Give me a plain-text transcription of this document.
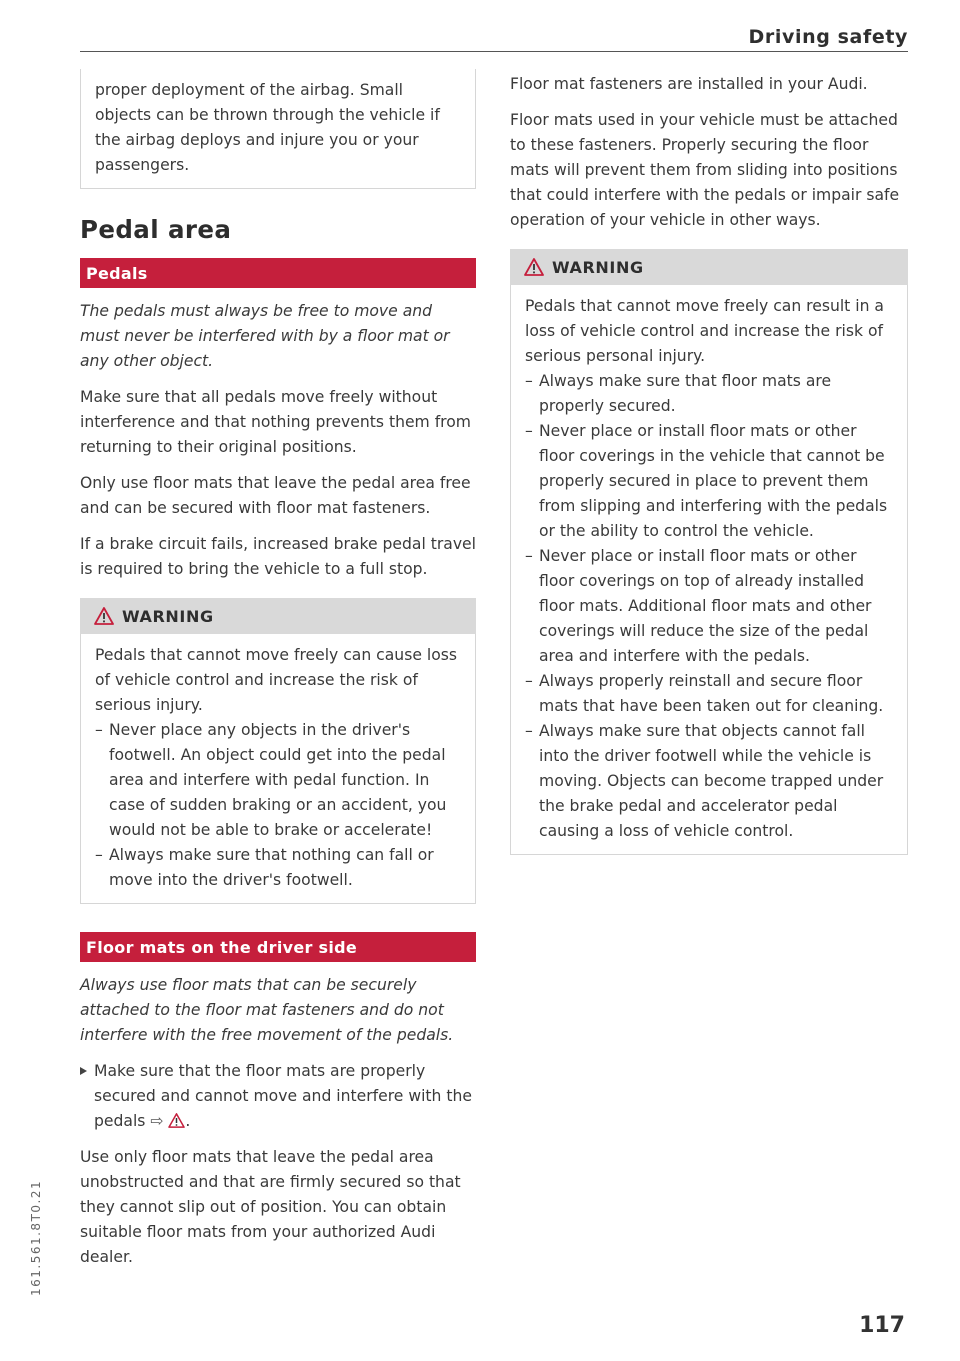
Driving safety

proper deployment of the airbag. Small objects can be thrown through the vehicle if the airbag deploys and injure you or your passengers.

Pedal area
Pedals

The pedals must always be free to move and must never be interfered with by a floor mat or any other object.

Make sure that all pedals move freely without interference and that nothing prevents them from returning to their original positions.

Only use floor mats that leave the pedal area free and can be secured with floor mat fasteners.

If a brake circuit fails, increased brake pedal travel is required to bring the vehicle to a full stop.

WARNING

Pedals that cannot move freely can cause loss of vehicle control and increase the risk of serious injury.

– Never place any objects in the driver's footwell. An object could get into the pedal area and interfere with pedal function. In case of sudden braking or an accident, you would not be able to brake or accelerate!
– Always make sure that nothing can fall or move into the driver's footwell.
Floor mats on the driver side

Always use floor mats that can be securely attached to the floor mat fasteners and do not interfere with the free movement of the pedals.

Make sure that the floor mats are properly secured and cannot move and interfere with the pedals ⇨ .

Use only floor mats that leave the pedal area unobstructed and that are firmly secured so that they cannot slip out of position. You can obtain suitable floor mats from your authorized Audi dealer.

Floor mat fasteners are installed in your Audi.

Floor mats used in your vehicle must be attached to these fasteners. Properly securing the floor mats will prevent them from sliding into positions that could interfere with the pedals or impair safe operation of your vehicle in other ways.

WARNING

Pedals that cannot move freely can result in a loss of vehicle control and increase the risk of serious personal injury.

– Always make sure that floor mats are properly secured.
– Never place or install floor mats or other floor coverings in the vehicle that cannot be properly secured in place to prevent them from slipping and interfering with the pedals or the ability to control the vehicle.
– Never place or install floor mats or other floor coverings on top of already installed floor mats. Additional floor mats and other coverings will reduce the size of the pedal area and interfere with the pedals.
– Always properly reinstall and secure floor mats that have been taken out for cleaning.
– Always make sure that objects cannot fall into the driver footwell while the vehicle is moving. Objects can become trapped under the brake pedal and accelerator pedal causing a loss of vehicle control.
161.561.8T0.21
117
